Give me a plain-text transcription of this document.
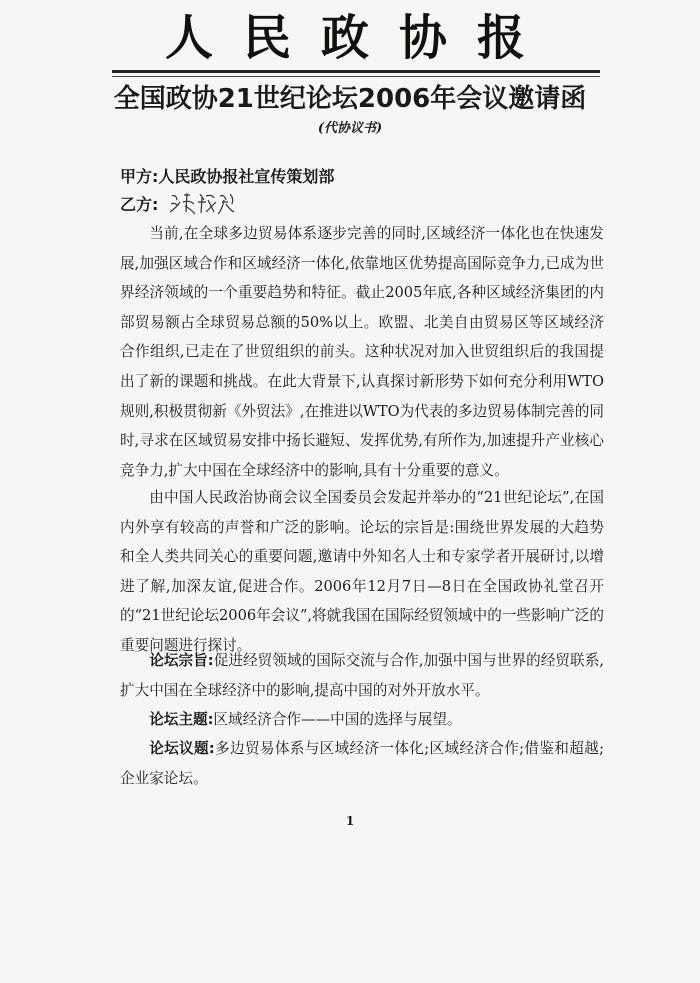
人民政协报
全国政协21世纪论坛2006年会议邀请函
(代协议书)
甲方:人民政协报社宣传策划部
乙方:

当前,在全球多边贸易体系逐步完善的同时,区域经济一体化也在快速发展,加强区域合作和区域经济一体化,依靠地区优势提高国际竞争力,已成为世界经济领域的一个重要趋势和特征。截止2005年底,各种区域经济集团的内部贸易额占全球贸易总额的50%以上。欧盟、北美自由贸易区等区域经济合作组织,已走在了世贸组织的前头。这种状况对加入世贸组织后的我国提出了新的课题和挑战。在此大背景下,认真探讨新形势下如何充分利用WTO规则,积极贯彻新《外贸法》,在推进以WTO为代表的多边贸易体制完善的同时,寻求在区域贸易安排中扬长避短、发挥优势,有所作为,加速提升产业核心竞争力,扩大中国在全球经济中的影响,具有十分重要的意义。

由中国人民政治协商会议全国委员会发起并举办的“21世纪论坛”,在国内外享有较高的声誉和广泛的影响。论坛的宗旨是:围绕世界发展的大趋势和全人类共同关心的重要问题,邀请中外知名人士和专家学者开展研讨,以增进了解,加深友谊,促进合作。2006年12月7日—8日在全国政协礼堂召开的“21世纪论坛2006年会议”,将就我国在国际经贸领域中的一些影响广泛的重要问题进行探讨。

论坛宗旨:促进经贸领域的国际交流与合作,加强中国与世界的经贸联系,扩大中国在全球经济中的影响,提高中国的对外开放水平。

论坛主题:区域经济合作——中国的选择与展望。

论坛议题:多边贸易体系与区域经济一体化;区域经济合作;借鉴和超越;企业家论坛。

1
